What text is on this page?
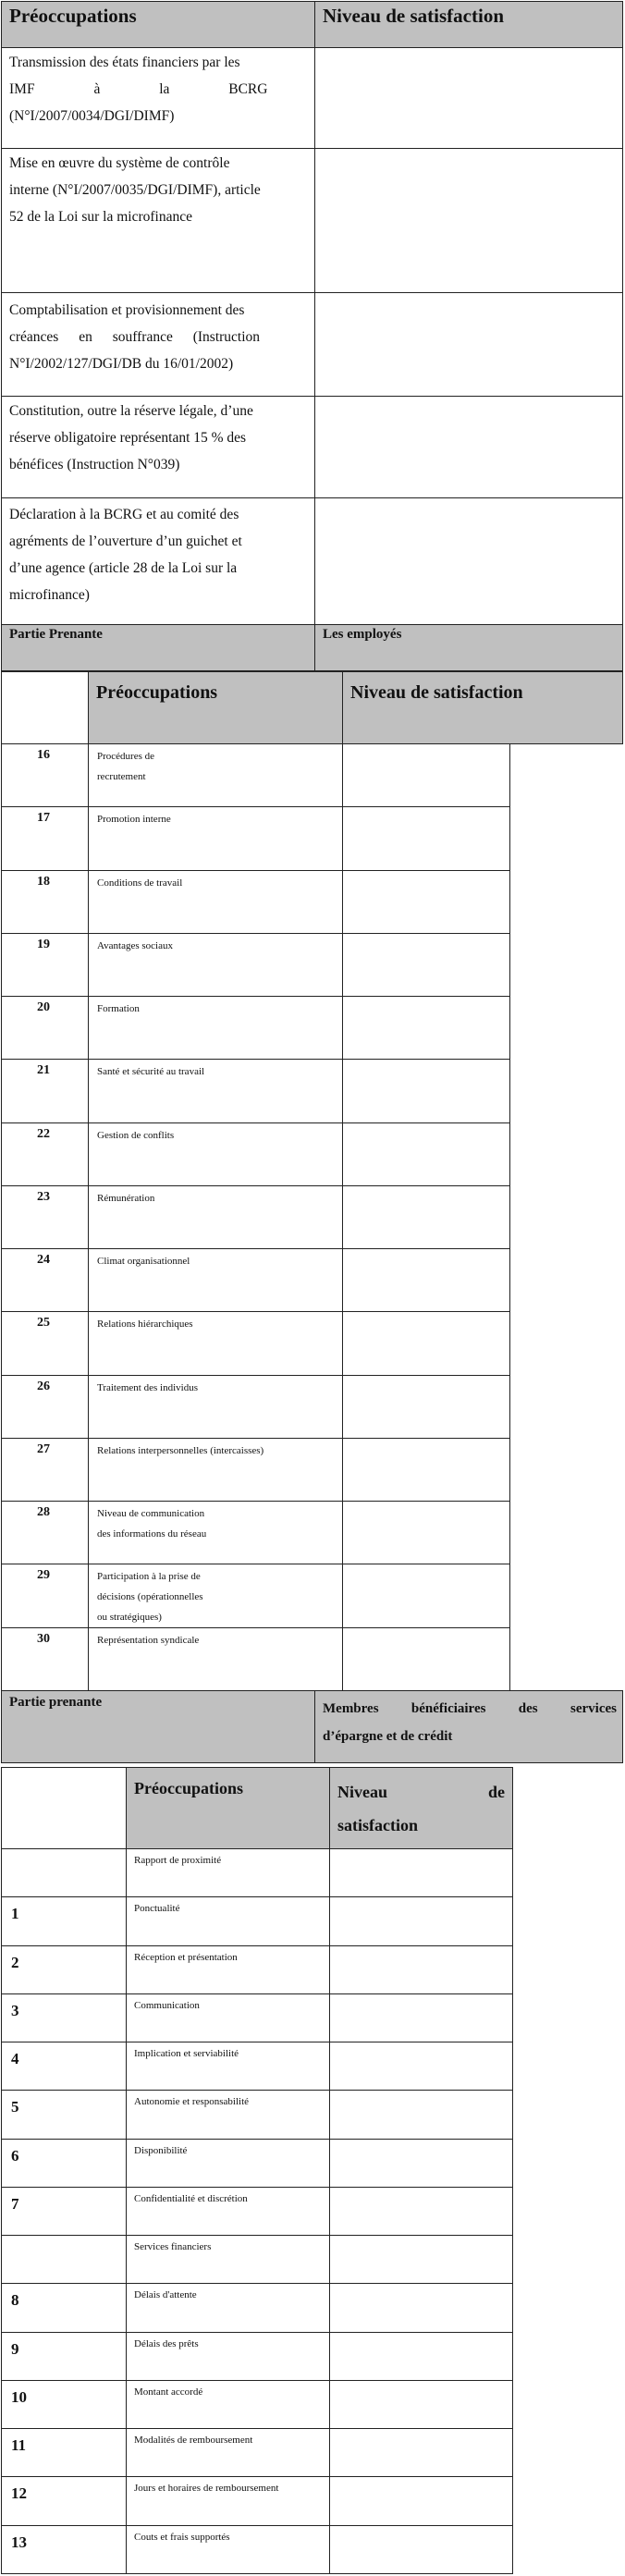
Préoccupations	Niveau de satisfaction

Transmission des états financiers par les
IMF à la BCRG
(N°I/2007/0034/DGI/DIMF)	

Mise en œuvre du système de contrôle
interne (N°I/2007/0035/DGI/DIMF), article
52 de la Loi sur la microfinance	

Comptabilisation et provisionnement des
créances en souffrance (Instruction
N°I/2002/127/DGI/DB du 16/01/2002)	

Constitution, outre la réserve légale, d’une
réserve obligatoire représentant 15 % des
bénéfices (Instruction N°039)	

Déclaration à la BCRG et au comité des
agréments de l’ouverture d’un guichet et
d’une agence (article 28 de la Loi sur la
microfinance)	

Partie Prenante	Les employés
	Préoccupations	Niveau de satisfaction
16	Procédures de
recrutement	

17	Promotion interne	

18	Conditions de travail	

19	Avantages sociaux	

20	Formation	

21	Santé et sécurité au travail	

22	Gestion de conflits	

23	Rémunération	

24	Climat organisationnel	

25	Relations hiérarchiques	

26	Traitement des individus	

27	Relations interpersonnelles (intercaisses)	

28	Niveau de communication
des informations du réseau	

29	Participation à la prise de
décisions (opérationnelles
ou stratégiques)	

30	Représentation syndicale	

Partie prenante	Membres bénéficiaires des services
d’épargne et de crédit
	Préoccupations	Niveau de
satisfaction
	Rapport de proximité	
1	Ponctualité	
2	Réception et présentation	
3	Communication	
4	Implication et serviabilité	
5	Autonomie et responsabilité	
6	Disponibilité	
7	Confidentialité et discrétion	
	Services financiers	
8	Délais d'attente	
9	Délais des prêts	
10	Montant accordé	
11	Modalités de remboursement	
12	Jours et horaires de remboursement	
13	Couts et frais supportés	
